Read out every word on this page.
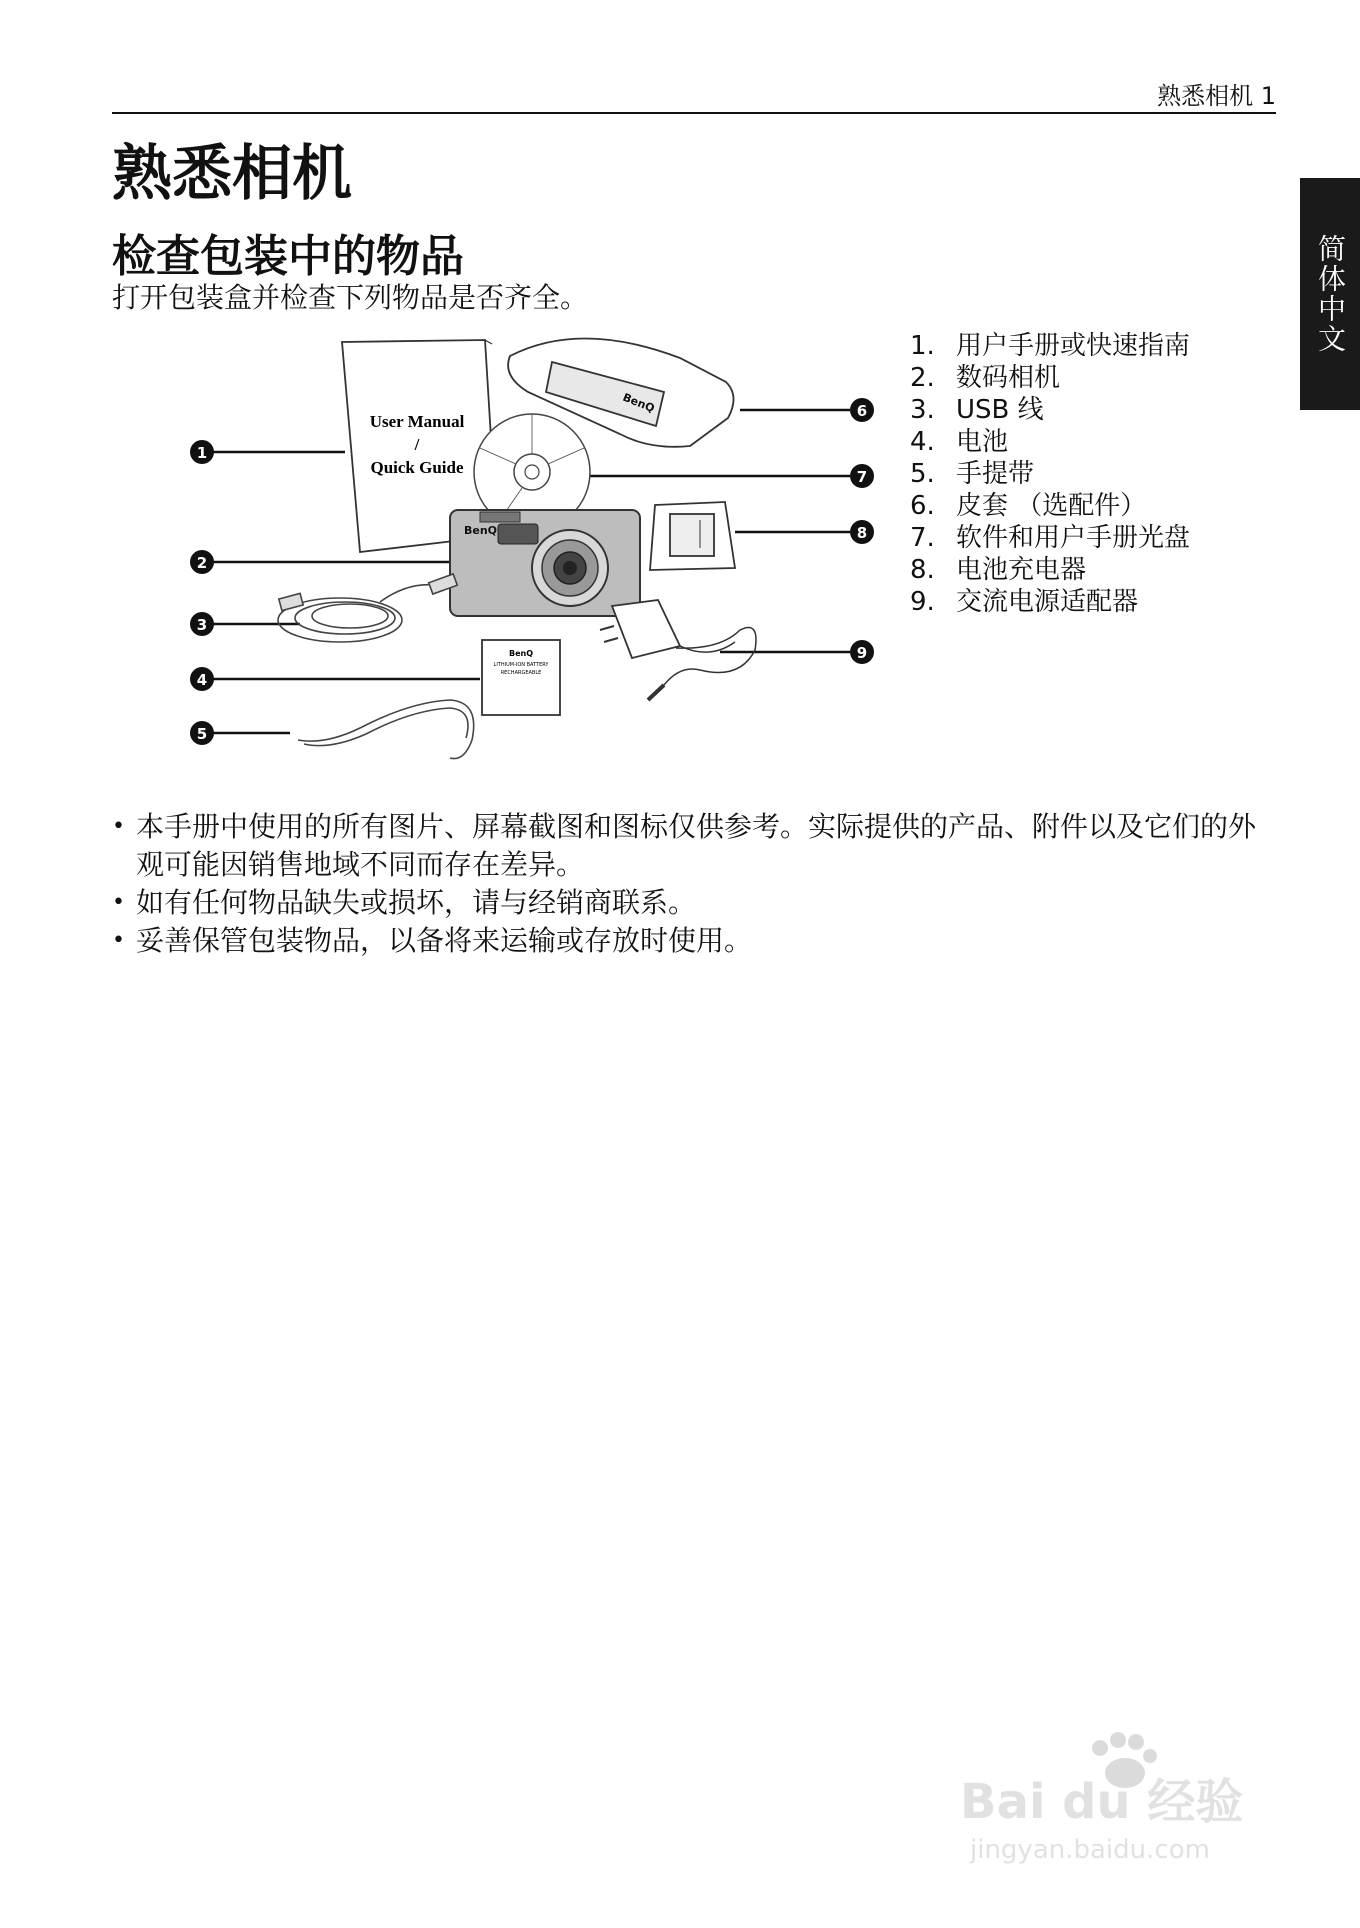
熟悉相机 1
简体中文
熟悉相机
检查包装中的物品

打开包装盒并检查下列物品是否齐全。

User Manual
/
Quick Guide
BenQ
BenQ
BenQ
LITHIUM-ION BATTERY
RECHARGEABLE
1
2
3
4
5
6
7
8
9
1. 用户手册或快速指南
2. 数码相机
3. USB 线
4. 电池
5. 手提带
6. 皮套 （选配件）
7. 软件和用户手册光盘
8. 电池充电器
9. 交流电源适配器
• 本手册中使用的所有图片、屏幕截图和图标仅供参考。实际提供的产品、附件以及它们的外观可能因销售地域不同而存在差异。
• 如有任何物品缺失或损坏，请与经销商联系。
• 妥善保管包装物品，以备将来运输或存放时使用。
Bai du 经验
jingyan.baidu.com
